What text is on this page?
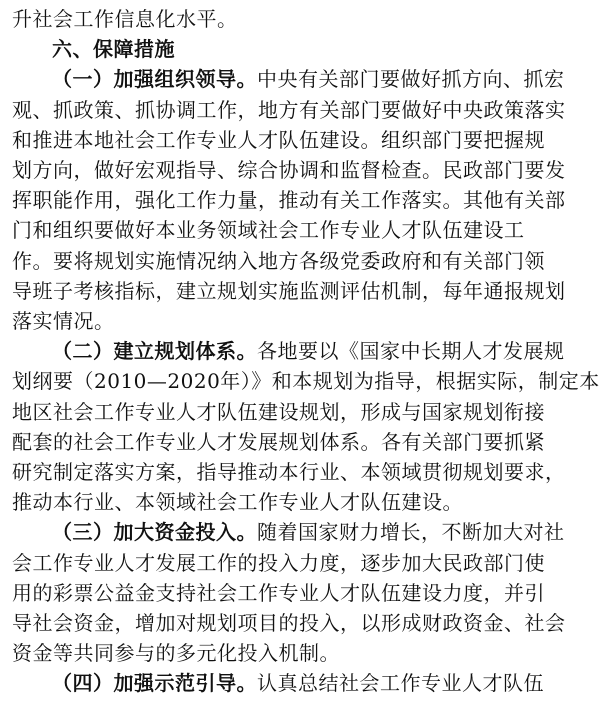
升社会工作信息化水平。
六、保障措施
（一）加强组织领导。中央有关部门要做好抓方向、抓宏
观、抓政策、抓协调工作，地方有关部门要做好中央政策落实
和推进本地社会工作专业人才队伍建设。组织部门要把握规
划方向，做好宏观指导、综合协调和监督检查。民政部门要发
挥职能作用，强化工作力量，推动有关工作落实。其他有关部
门和组织要做好本业务领域社会工作专业人才队伍建设工
作。要将规划实施情况纳入地方各级党委政府和有关部门领
导班子考核指标，建立规划实施监测评估机制，每年通报规划
落实情况。
（二）建立规划体系。各地要以《国家中长期人才发展规
划纲要（2010—2020年）》和本规划为指导，根据实际，制定本
地区社会工作专业人才队伍建设规划，形成与国家规划衔接
配套的社会工作专业人才发展规划体系。各有关部门要抓紧
研究制定落实方案，指导推动本行业、本领域贯彻规划要求，
推动本行业、本领域社会工作专业人才队伍建设。
（三）加大资金投入。随着国家财力增长，不断加大对社
会工作专业人才发展工作的投入力度，逐步加大民政部门使
用的彩票公益金支持社会工作专业人才队伍建设力度，并引
导社会资金，增加对规划项目的投入，以形成财政资金、社会
资金等共同参与的多元化投入机制。
（四）加强示范引导。认真总结社会工作专业人才队伍
